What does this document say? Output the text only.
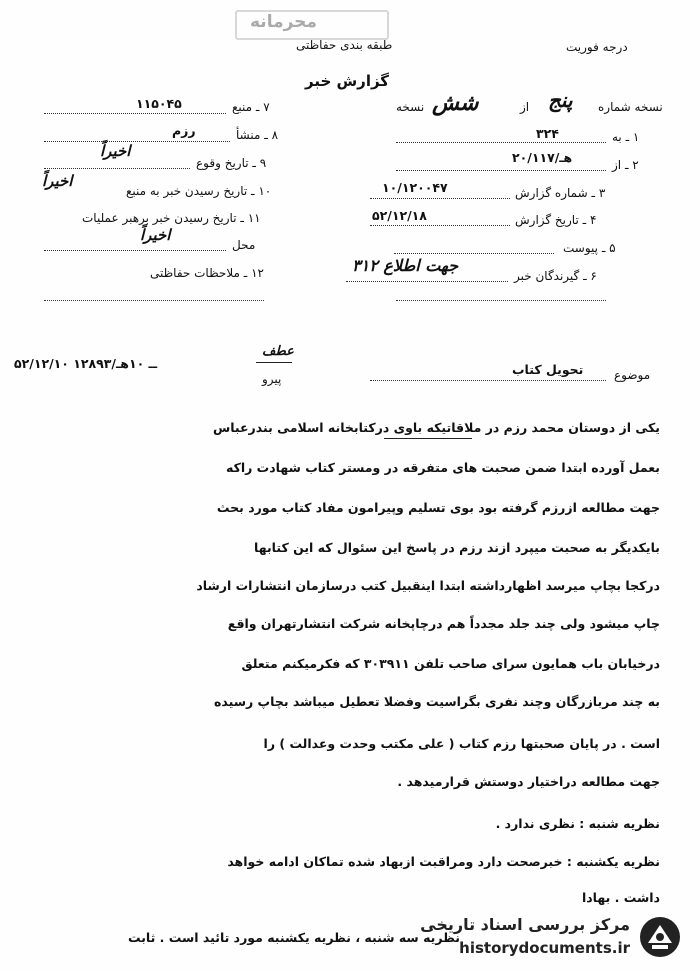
محرمانه
طبقه بندی حفاظتی	درجه فوریت
گزارش خبر
نسخه شماره
پنج
از
شش
نسخه
۱ ـ به
۳۲۴
۲ ـ از
۲۰/۱۱۷/هـ
۳ ـ شماره گزارش
۱۰/۱۲۰۰۴۷
۴ ـ تاریخ گزارش
۵۲/۱۲/۱۸
۵ ـ پیوست
۶ ـ گیرندگان خبر
۳۱۲ جهت اطلاع
۷ ـ منبع
۱۱۵۰۴۵
۸ ـ منشأ
رزم
۹ ـ تاریخ وقوع
اخیراً
۱۰ ـ تاریخ رسیدن خبر به منبع
اخیراً
۱۱ ـ تاریخ رسیدن خبر برهبر عملیات
محل
اخیراً
۱۲ ـ ملاحظات حفاظتی
۵۲/۱۲/۱۰ ــ ۱۰هـ/۱۲۸۹۳
عطف
پیرو	موضوع
تحویل کتاب
یکی از دوستان محمد رزم در ملاقاتیکه باوی درکتابخانه اسلامی بندرعباس
بعمل آورده ابتدا ضمن صحبت های متفرقه در ومستر کتاب شهادت راکه
جهت مطالعه ازرزم گرفته بود بوی تسلیم وپیرامون مفاد کتاب مورد بحث
بایکدیگر به صحبت میپرد ازند رزم در پاسخ این سئوال که این کتابها
درکجا بچاپ میرسد اظهارداشته ابتدا اینقبیل کتب درسازمان انتشارات ارشاد
چاپ میشود ولی چند جلد مجدداً هم درچاپخانه شرکت انتشارتهران واقع
درخیابان باب همایون سرای صاحب تلفن ۳۰۳۹۱۱ که فکرمیکنم متعلق
به چند مربازرگان وچند نفری بگراسیت وفضلا تعطیل میباشد بچاپ رسیده
است . در پایان صحبتها رزم کتاب ( علی مکتب وحدت وعدالت ) را
جهت مطالعه دراختیار دوستش قرارمیدهد .
نظریه شنبه : نظری ندارد .
نظریه یکشنبه : خبرصحت دارد ومراقبت ازبهاد شده تماکان ادامه خواهد
داشت . بهادا
نظریه سه شنبه ، نظریه یکشنبه مورد تائید است . ثابت
مرکز بررسی اسناد تاریخی
historydocuments.ir
